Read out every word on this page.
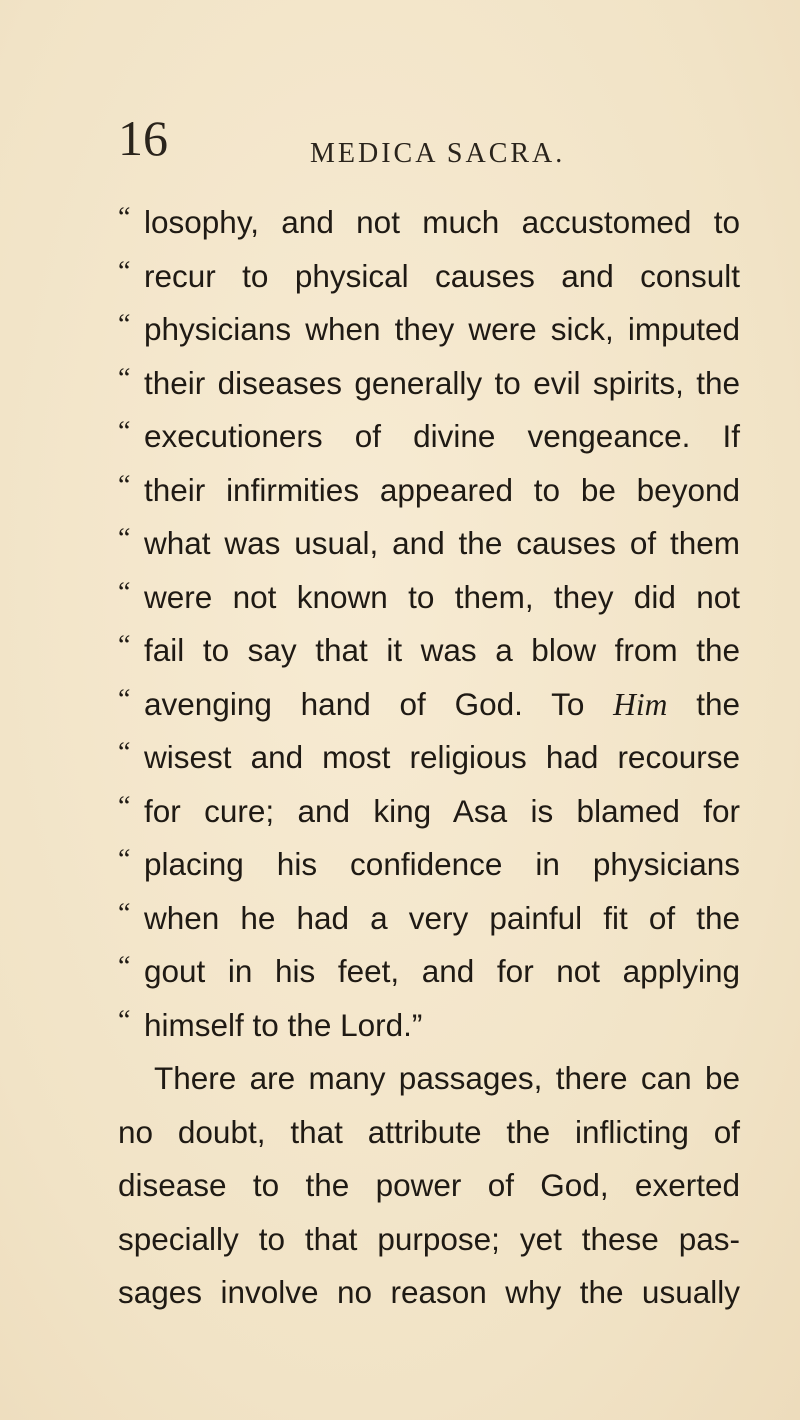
16	MEDICA SACRA.
“ losophy, and not much accustomed to
“ recur to physical causes and consult
“ physicians when they were sick, imputed
“ their diseases generally to evil spirits, the
“ executioners of divine vengeance. If
“ their infirmities appeared to be beyond
“ what was usual, and the causes of them
“ were not known to them, they did not
“ fail to say that it was a blow from the
“ avenging hand of God. To Him the
“ wisest and most religious had recourse
“ for cure; and king Asa is blamed for
“ placing his confidence in physicians
“ when he had a very painful fit of the
“ gout in his feet, and for not applying
“ himself to the Lord.”
There are many passages, there can be
no doubt, that attribute the inflicting of
disease to the power of God, exerted
specially to that purpose; yet these pas-
sages involve no reason why the usually
